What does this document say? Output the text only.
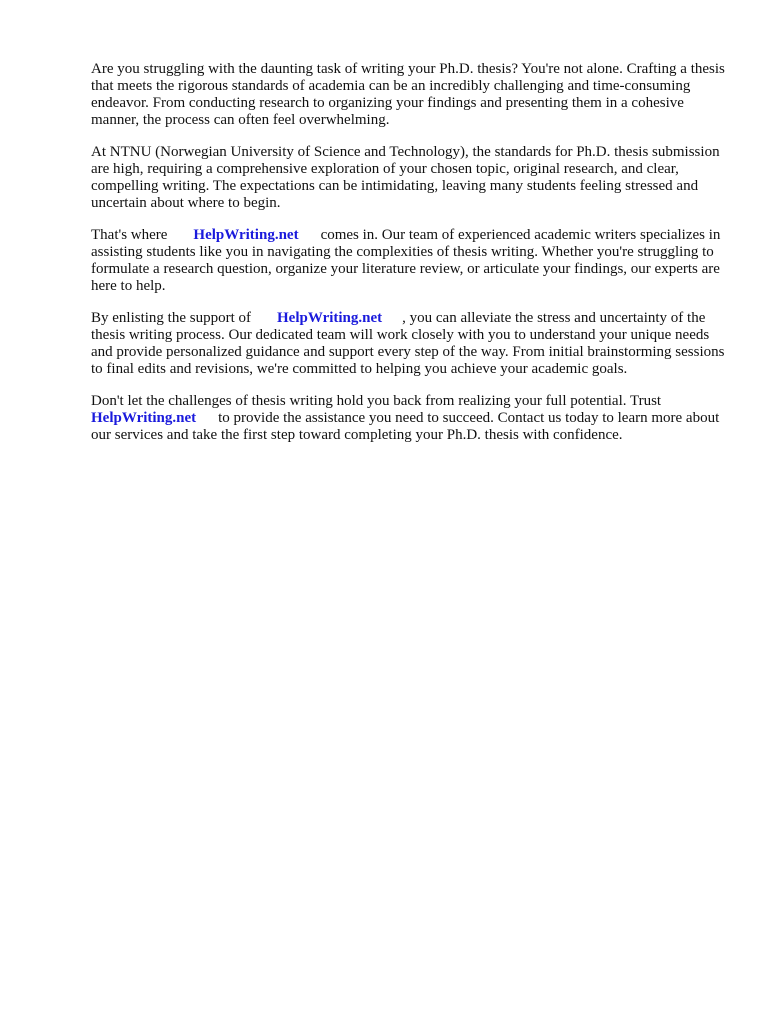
Are you struggling with the daunting task of writing your Ph.D. thesis? You're not alone. Crafting a thesis that meets the rigorous standards of academia can be an incredibly challenging and time-consuming endeavor. From conducting research to organizing your findings and presenting them in a cohesive manner, the process can often feel overwhelming.

At NTNU (Norwegian University of Science and Technology), the standards for Ph.D. thesis submission are high, requiring a comprehensive exploration of your chosen topic, original research, and clear, compelling writing. The expectations can be intimidating, leaving many students feeling stressed and uncertain about where to begin.

That's where HelpWriting.net comes in. Our team of experienced academic writers specializes in assisting students like you in navigating the complexities of thesis writing. Whether you're struggling to formulate a research question, organize your literature review, or articulate your findings, our experts are here to help.

By enlisting the support of HelpWriting.net , you can alleviate the stress and uncertainty of the thesis writing process. Our dedicated team will work closely with you to understand your unique needs and provide personalized guidance and support every step of the way. From initial brainstorming sessions to final edits and revisions, we're committed to helping you achieve your academic goals.

Don't let the challenges of thesis writing hold you back from realizing your full potential. Trust HelpWriting.net to provide the assistance you need to succeed. Contact us today to learn more about our services and take the first step toward completing your Ph.D. thesis with confidence.
